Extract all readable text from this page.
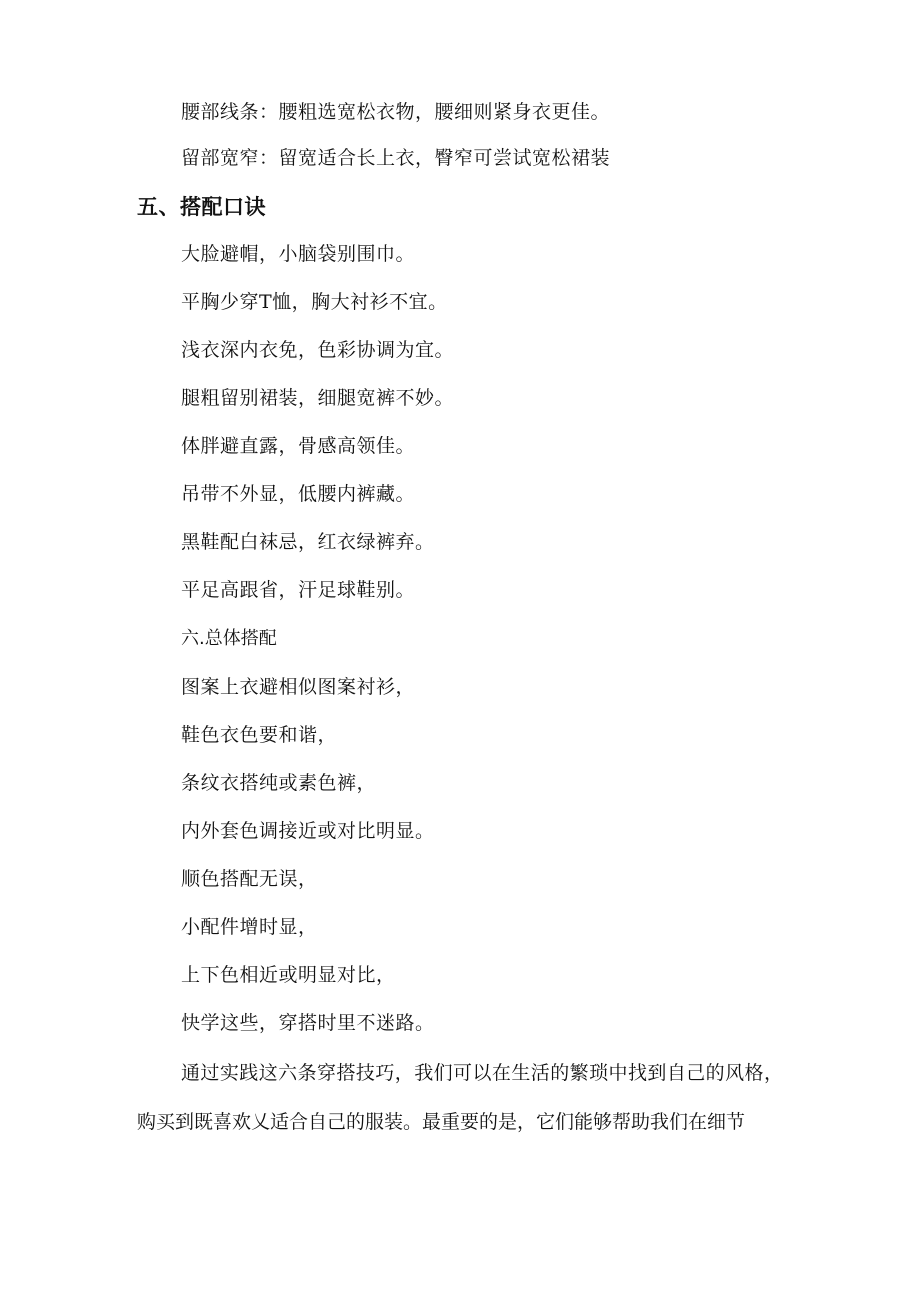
腰部线条：腰粗选宽松衣物，腰细则紧身衣更佳。
留部宽窄：留宽适合长上衣，臀窄可尝试宽松裙装
五、搭配口诀
大脸避帽，小脑袋别围巾。
平胸少穿T恤，胸大衬衫不宜。
浅衣深内衣免，色彩协调为宜。
腿粗留别裙装，细腿宽裤不妙。
体胖避直露，骨感高领佳。
吊带不外显，低腰内裤藏。
黑鞋配白袜忌，红衣绿裤弃。
平足高跟省，汗足球鞋别。
六.总体搭配
图案上衣避相似图案衬衫，
鞋色衣色要和谐，
条纹衣搭纯或素色裤，
内外套色调接近或对比明显。
顺色搭配无误，
小配件增时显，
上下色相近或明显对比，
快学这些，穿搭时里不迷路。
通过实践这六条穿搭技巧，我们可以在生活的繁琐中找到自己的风格，
购买到既喜欢乂适合自己的服装。最重要的是，它们能够帮助我们在细节
